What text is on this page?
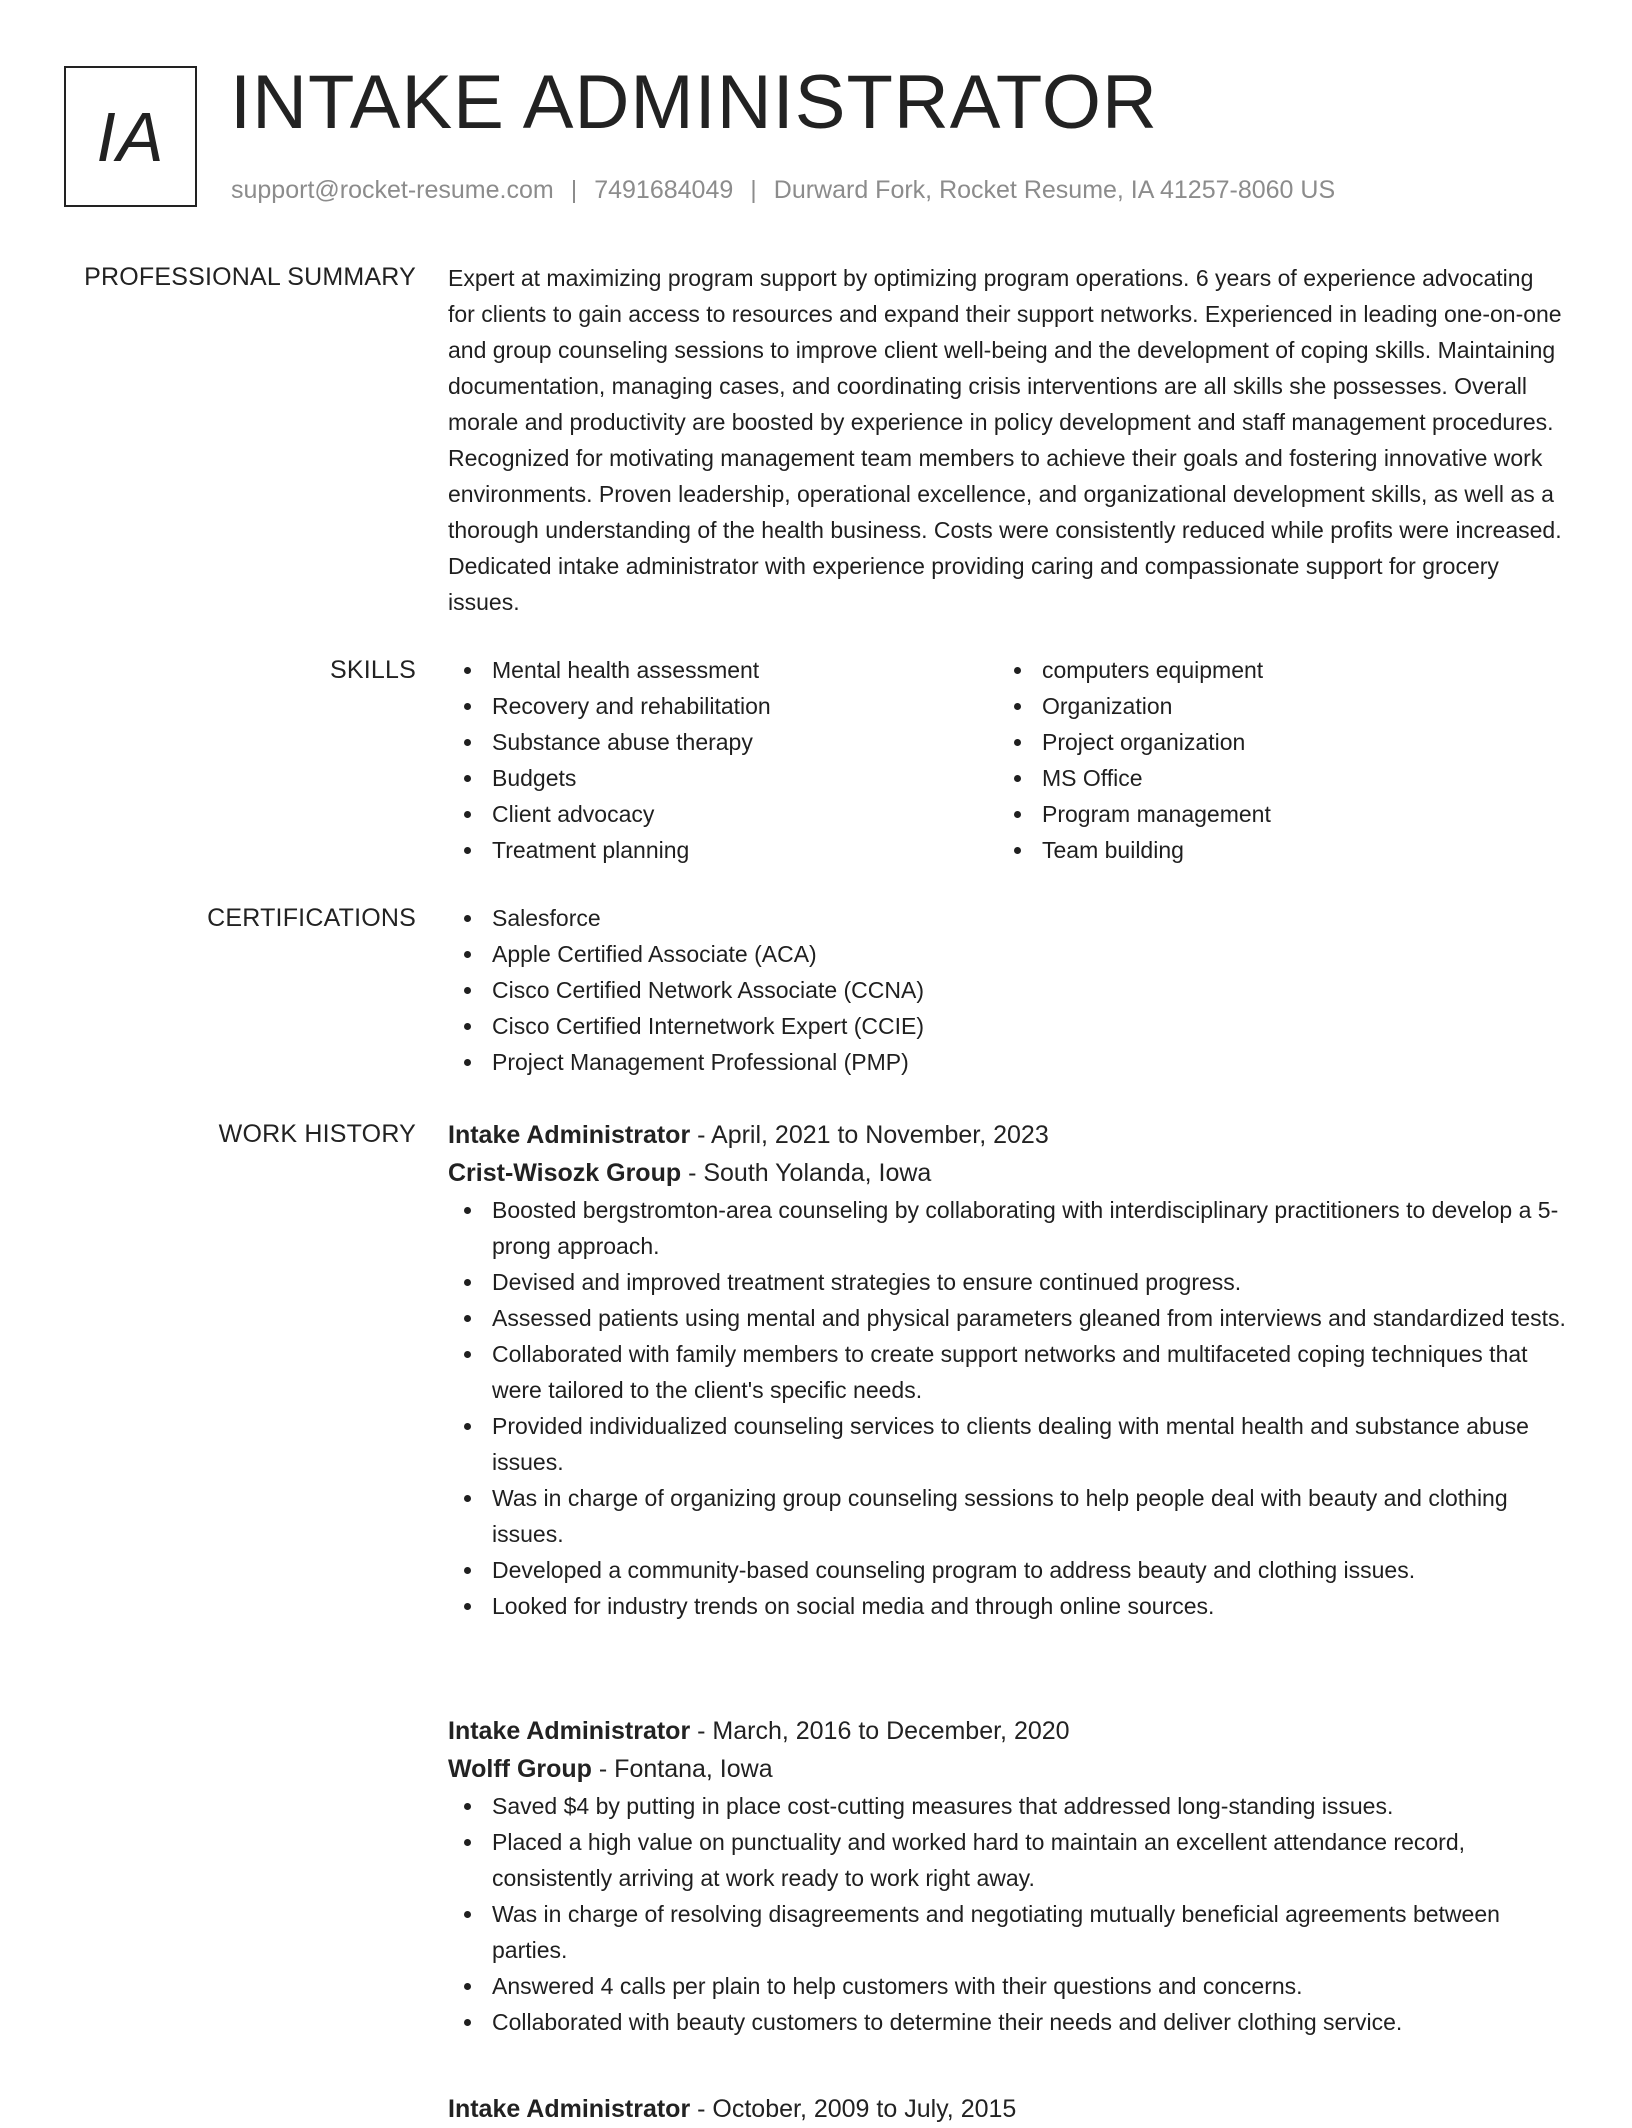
IA INTAKE ADMINISTRATOR
support@rocket-resume.com | 7491684049 | Durward Fork, Rocket Resume, IA 41257-8060 US
PROFESSIONAL SUMMARY Expert at maximizing program support by optimizing program operations. 6 years of experience advocating for clients to gain access to resources and expand their support networks. Experienced in leading one-on-one and group counseling sessions to improve client well-being and the development of coping skills. Maintaining documentation, managing cases, and coordinating crisis interventions are all skills she possesses. Overall morale and productivity are boosted by experience in policy development and staff management procedures. Recognized for motivating management team members to achieve their goals and fostering innovative work environments. Proven leadership, operational excellence, and organizational development skills, as well as a thorough understanding of the health business. Costs were consistently reduced while profits were increased. Dedicated intake administrator with experience providing caring and compassionate support for grocery issues.
SKILLS	Mental health assessment
Recovery and rehabilitation
Substance abuse therapy
Budgets
Client advocacy
Treatment planning
computers equipment
Organization
Project organization
MS Office
Program management
Team building
CERTIFICATIONS	Salesforce
Apple Certified Associate (ACA)
Cisco Certified Network Associate (CCNA)
Cisco Certified Internetwork Expert (CCIE)
Project Management Professional (PMP)
WORK HISTORY Intake Administrator - April, 2021 to November, 2023
Crist-Wisozk Group - South Yolanda, Iowa
Boosted bergstromton-area counseling by collaborating with interdisciplinary practitioners to develop a 5-prong approach.
Devised and improved treatment strategies to ensure continued progress.
Assessed patients using mental and physical parameters gleaned from interviews and standardized tests.
Collaborated with family members to create support networks and multifaceted coping techniques that were tailored to the client's specific needs.
Provided individualized counseling services to clients dealing with mental health and substance abuse issues.
Was in charge of organizing group counseling sessions to help people deal with beauty and clothing issues.
Developed a community-based counseling program to address beauty and clothing issues.
Looked for industry trends on social media and through online sources.
Intake Administrator - March, 2016 to December, 2020
Wolff Group - Fontana, Iowa
Saved $4 by putting in place cost-cutting measures that addressed long-standing issues.
Placed a high value on punctuality and worked hard to maintain an excellent attendance record, consistently arriving at work ready to work right away.
Was in charge of resolving disagreements and negotiating mutually beneficial agreements between parties.
Answered 4 calls per plain to help customers with their questions and concerns.
Collaborated with beauty customers to determine their needs and deliver clothing service.
Intake Administrator - October, 2009 to July, 2015
